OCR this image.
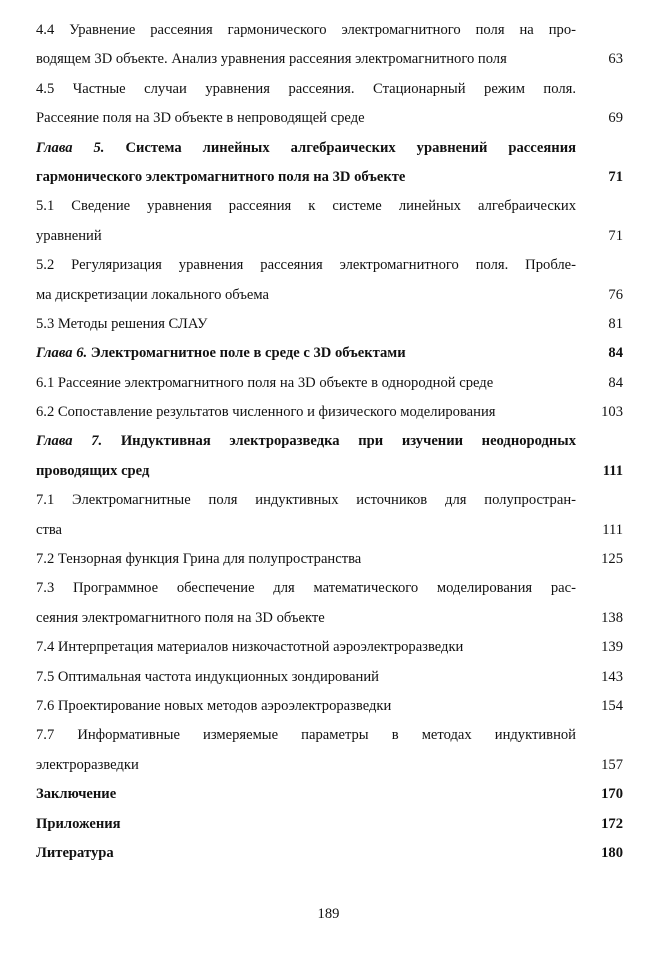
4.4 Уравнение рассеяния гармонического электромагнитного поля на про-
водящем 3D объекте. Анализ уравнения рассеяния электромагнитного поля	63
4.5 Частные случаи уравнения рассеяния. Стационарный режим поля.
Рассеяние поля на 3D объекте в непроводящей среде	69
Глава 5. Система линейных алгебраических уравнений рассеяния
гармонического электромагнитного поля на 3D объекте	71
5.1 Сведение уравнения рассеяния к системе линейных алгебраических
уравнений	71
5.2 Регуляризация уравнения рассеяния электромагнитного поля. Пробле-
ма дискретизации локального объема	76
5.3 Методы решения СЛАУ	81
Глава 6. Электромагнитное поле в среде с 3D объектами	84
6.1 Рассеяние электромагнитного поля на 3D объекте в однородной среде	84
6.2 Сопоставление результатов численного и физического моделирования	103
Глава 7. Индуктивная электроразведка при изучении неоднородных
проводящих сред	111
7.1 Электромагнитные поля индуктивных источников для полупростран-
ства	111
7.2 Тензорная функция Грина для полупространства	125
7.3 Программное обеспечение для математического моделирования рас-
сеяния электромагнитного поля на 3D объекте	138
7.4 Интерпретация материалов низкочастотной аэроэлектроразведки	139
7.5 Оптимальная частота индукционных зондирований	143
7.6 Проектирование новых методов аэроэлектроразведки	154
7.7 Информативные измеряемые параметры в методах индуктивной
электроразведки	157
Заключение	170
Приложения	172
Литература	180
189
